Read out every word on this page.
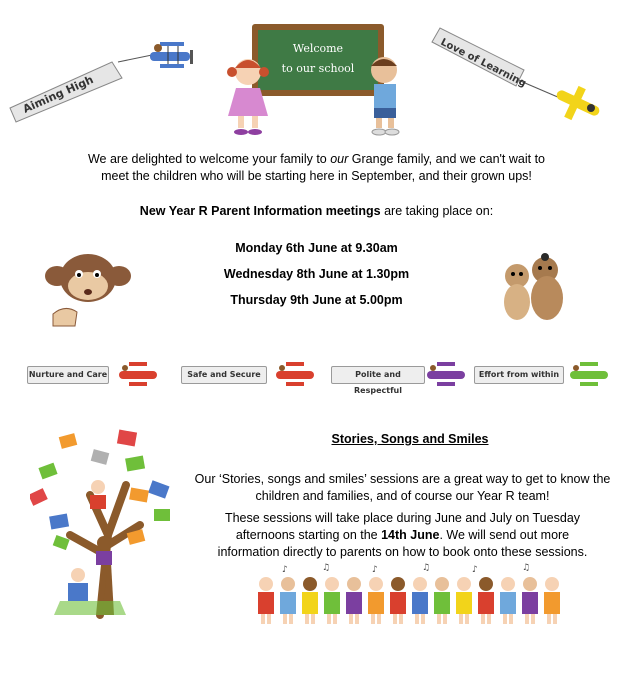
Aiming High
Welcome
to our school	Love of Learning
We are delighted to welcome your family to our Grange family, and we can't wait to
meet the children who will be starting here in September, and their grown ups!
New Year R Parent Information meetings are taking place on:
Monday 6th June at 9.30am
Wednesday 8th June at 1.30pm
Thursday 9th June at 5.00pm
Nurture and Care	Safe and Secure	Polite and Respectful
Effort from within
Stories, Songs and Smiles
Our ‘Stories, songs and smiles’ sessions are a great way to get to know the
children and families, and of course our Year R team!
These sessions will take place during June and July on Tuesday
afternoons starting on the 14th June. We will send out more
information directly to parents on how to book onto these sessions.
♪	♫	♪	♫	♪	♫
